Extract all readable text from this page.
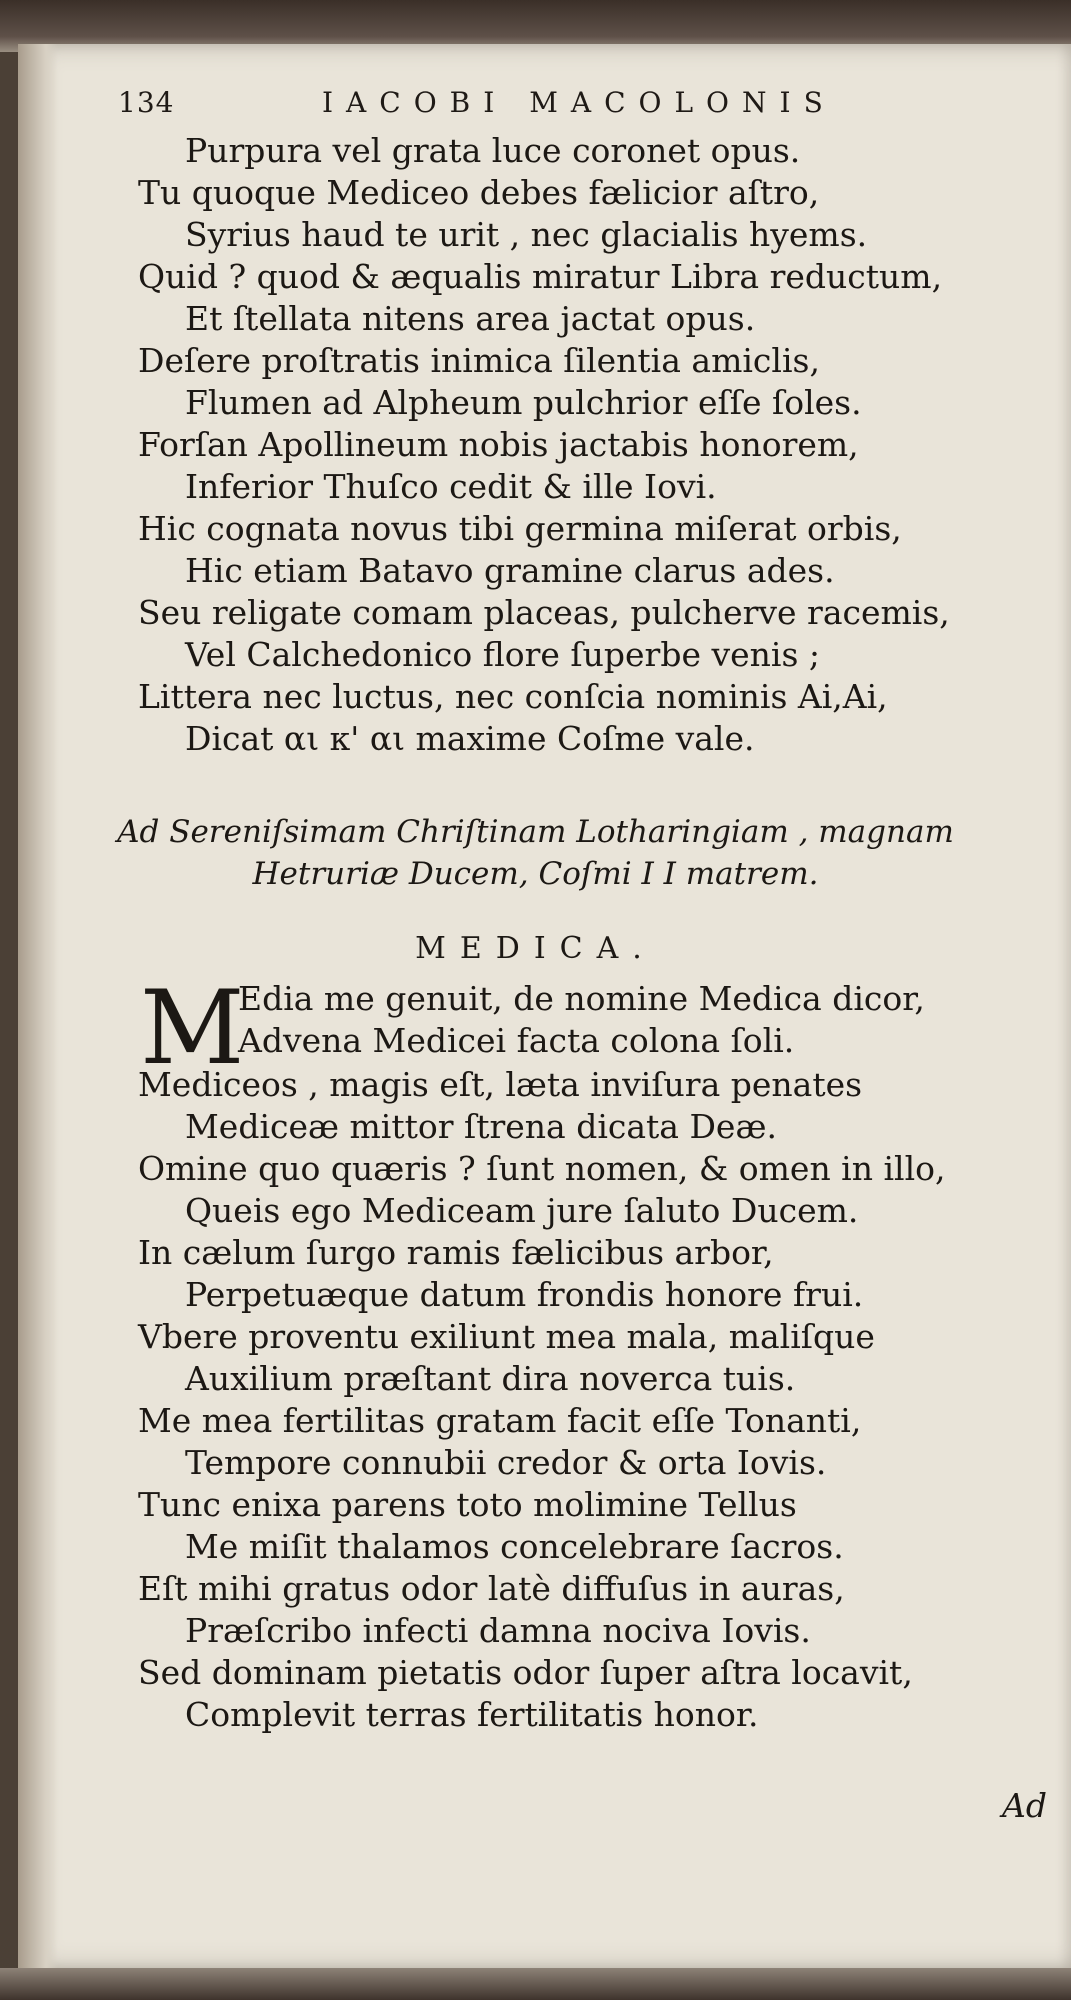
134	IACOBI MACOLONIS
Purpura vel grata luce coronet opus.
Tu quoque Mediceo debes fælicior aſtro,
Syrius haud te urit , nec glacialis hyems.
Quid ? quod & æqualis miratur Libra reductum,
Et ſtellata nitens area jactat opus.
Deſere proſtratis inimica ſilentia amiclis,
Flumen ad Alpheum pulchrior eſſe ſoles.
Forſan Apollineum nobis jactabis honorem,
Inferior Thuſco cedit & ille Iovi.
Hic cognata novus tibi germina miſerat orbis,
Hic etiam Batavo gramine clarus ades.
Seu religate comam placeas, pulcherve racemis,
Vel Calchedonico flore ſuperbe venis ;
Littera nec luctus, nec conſcia nominis Ai,Ai,
Dicat αι κ' αι maxime Coſme vale.
Ad Sereniſsimam Chriſtinam Lotharingiam , magnam
Hetruriæ Ducem, Coſmi I I matrem.
MEDICA.
M
Edia me genuit, de nomine Medica dicor,
Advena Medicei facta colona ſoli.
Mediceos , magis eſt, læta inviſura penates
Mediceæ mittor ſtrena dicata Deæ.
Omine quo quæris ? ſunt nomen, & omen in illo,
Queis ego Mediceam jure ſaluto Ducem.
In cælum ſurgo ramis fælicibus arbor,
Perpetuæque datum frondis honore frui.
Vbere proventu exiliunt mea mala, maliſque
Auxilium præſtant dira noverca tuis.
Me mea fertilitas gratam facit eſſe Tonanti,
Tempore connubii credor & orta Iovis.
Tunc enixa parens toto molimine Tellus
Me miſit thalamos concelebrare ſacros.
Eſt mihi gratus odor latè diffuſus in auras,
Præſcribo infecti damna nociva Iovis.
Sed dominam pietatis odor ſuper aſtra locavit,
Complevit terras fertilitatis honor.
Ad
